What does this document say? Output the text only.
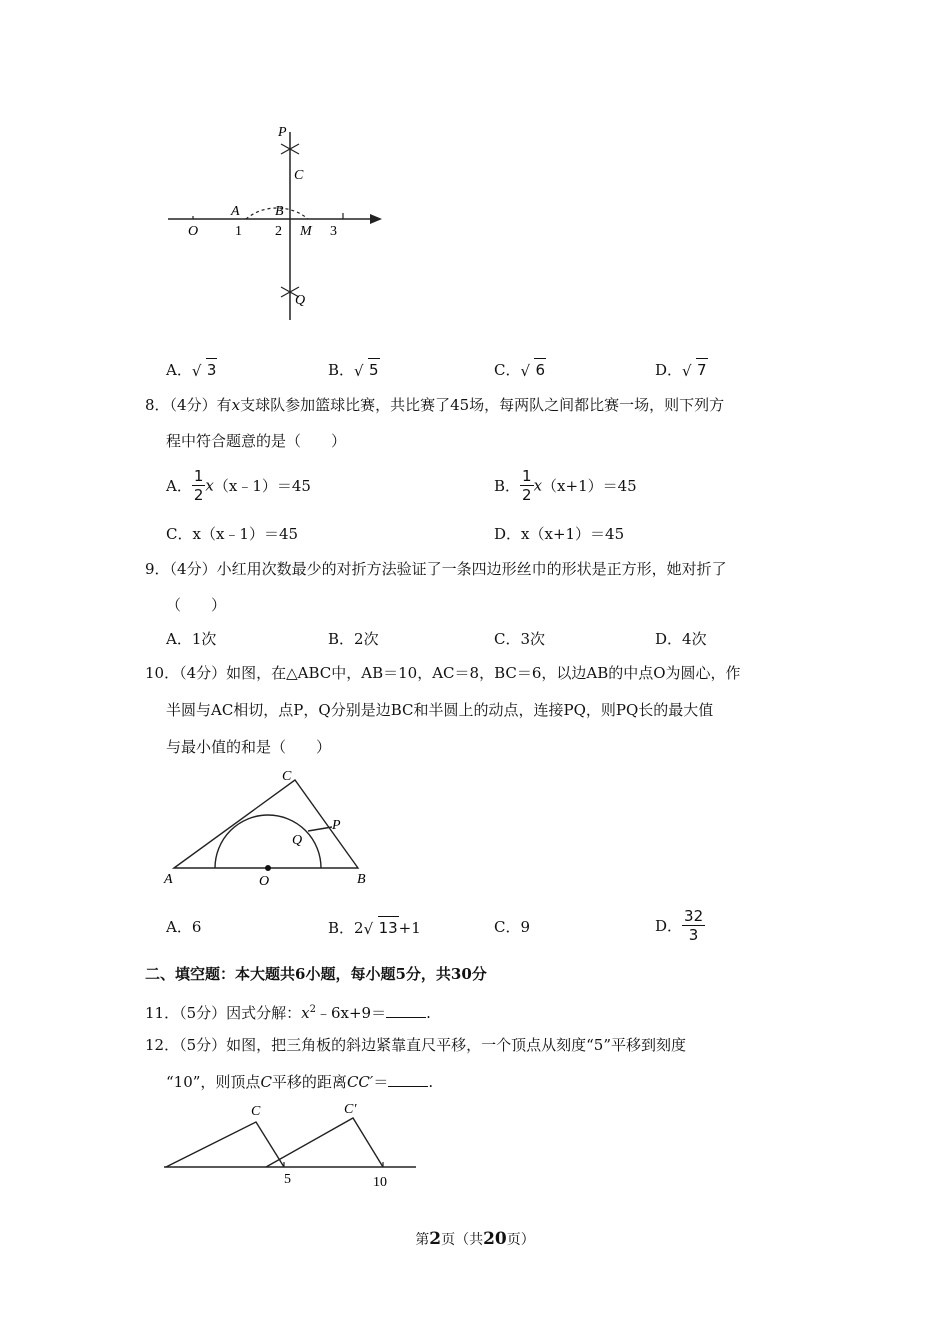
P
C
A	B
O	1 2 M 3
Q
A． √ 3	B． √ 5	C． √ 6	D． √ 7
8．（4分）有x支球队参加篮球比赛，共比赛了45场，每两队之间都比赛一场，则下列方
程中符合题意的是（　　）
A． $\frac{1}{2}$ x（x﹣1）＝45	B． $\frac{1}{2} x(x+1)=45$
C．x（x﹣1）＝45	D．x（x+1）＝45
9．（4分）小红用次数最少的对折方法验证了一条四边形丝巾的形状是正方形，她对折了
（　　）
A．1次	B．2次	C．3次	D．4次
10．（4分）如图，在△ABC中，AB＝10，AC＝8，BC＝6，以边AB的中点O为圆心，作
半圆与AC相切，点P，Q分别是边BC和半圆上的动点，连接PQ，则PQ长的最大值
与最小值的和是（　　）
C
P
Q
A	O	B
A．6	B．2 √ 13+1	C．9	D． $\frac{32}{3}$
二、填空题：本大题共6小题，每小题5分，共30分
11．（5分）因式分解：$x^2﹣6x+9=$	.
12．（5分）如图，把三角板的斜边紧靠直尺平移，一个顶点从刻度“5”平移到刻度
“10”，则顶点C平移的距离CC′＝	.
C	C′
5	10
第2页（共20页）
